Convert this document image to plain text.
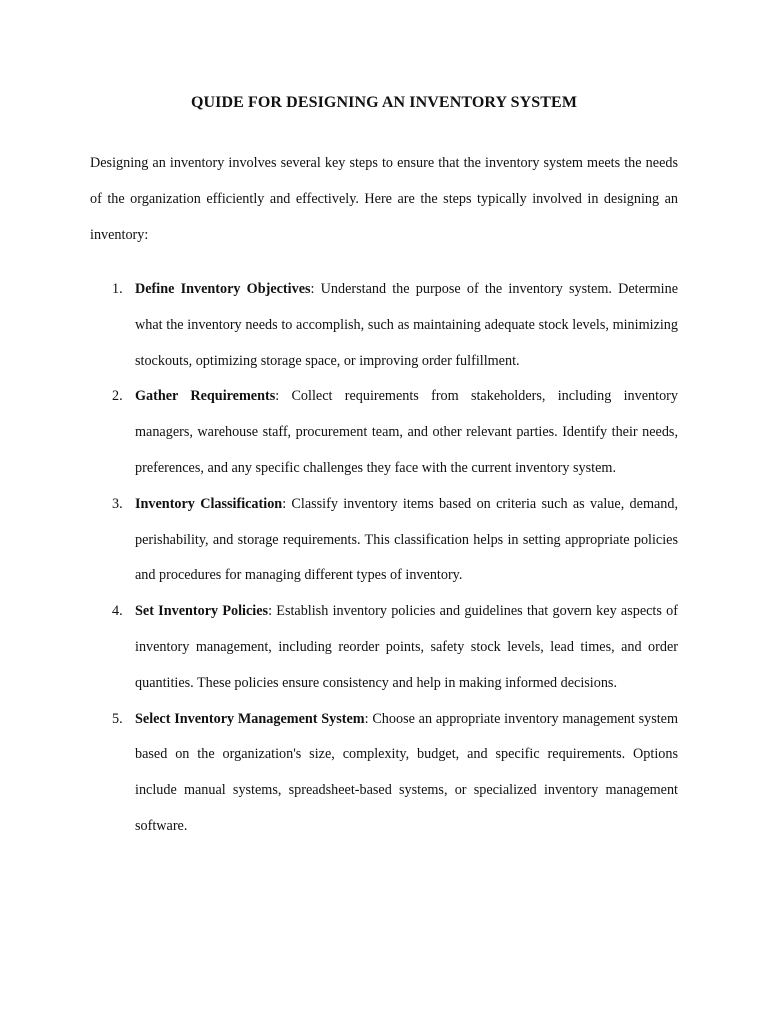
QUIDE FOR DESIGNING AN INVENTORY SYSTEM

Designing an inventory involves several key steps to ensure that the inventory system meets the needs of the organization efficiently and effectively. Here are the steps typically involved in designing an inventory:

1. Define Inventory Objectives: Understand the purpose of the inventory system. Determine what the inventory needs to accomplish, such as maintaining adequate stock levels, minimizing stockouts, optimizing storage space, or improving order fulfillment.
2. Gather Requirements: Collect requirements from stakeholders, including inventory managers, warehouse staff, procurement team, and other relevant parties. Identify their needs, preferences, and any specific challenges they face with the current inventory system.
3. Inventory Classification: Classify inventory items based on criteria such as value, demand, perishability, and storage requirements. This classification helps in setting appropriate policies and procedures for managing different types of inventory.
4. Set Inventory Policies: Establish inventory policies and guidelines that govern key aspects of inventory management, including reorder points, safety stock levels, lead times, and order quantities. These policies ensure consistency and help in making informed decisions.
5. Select Inventory Management System: Choose an appropriate inventory management system based on the organization's size, complexity, budget, and specific requirements. Options include manual systems, spreadsheet-based systems, or specialized inventory management software.
